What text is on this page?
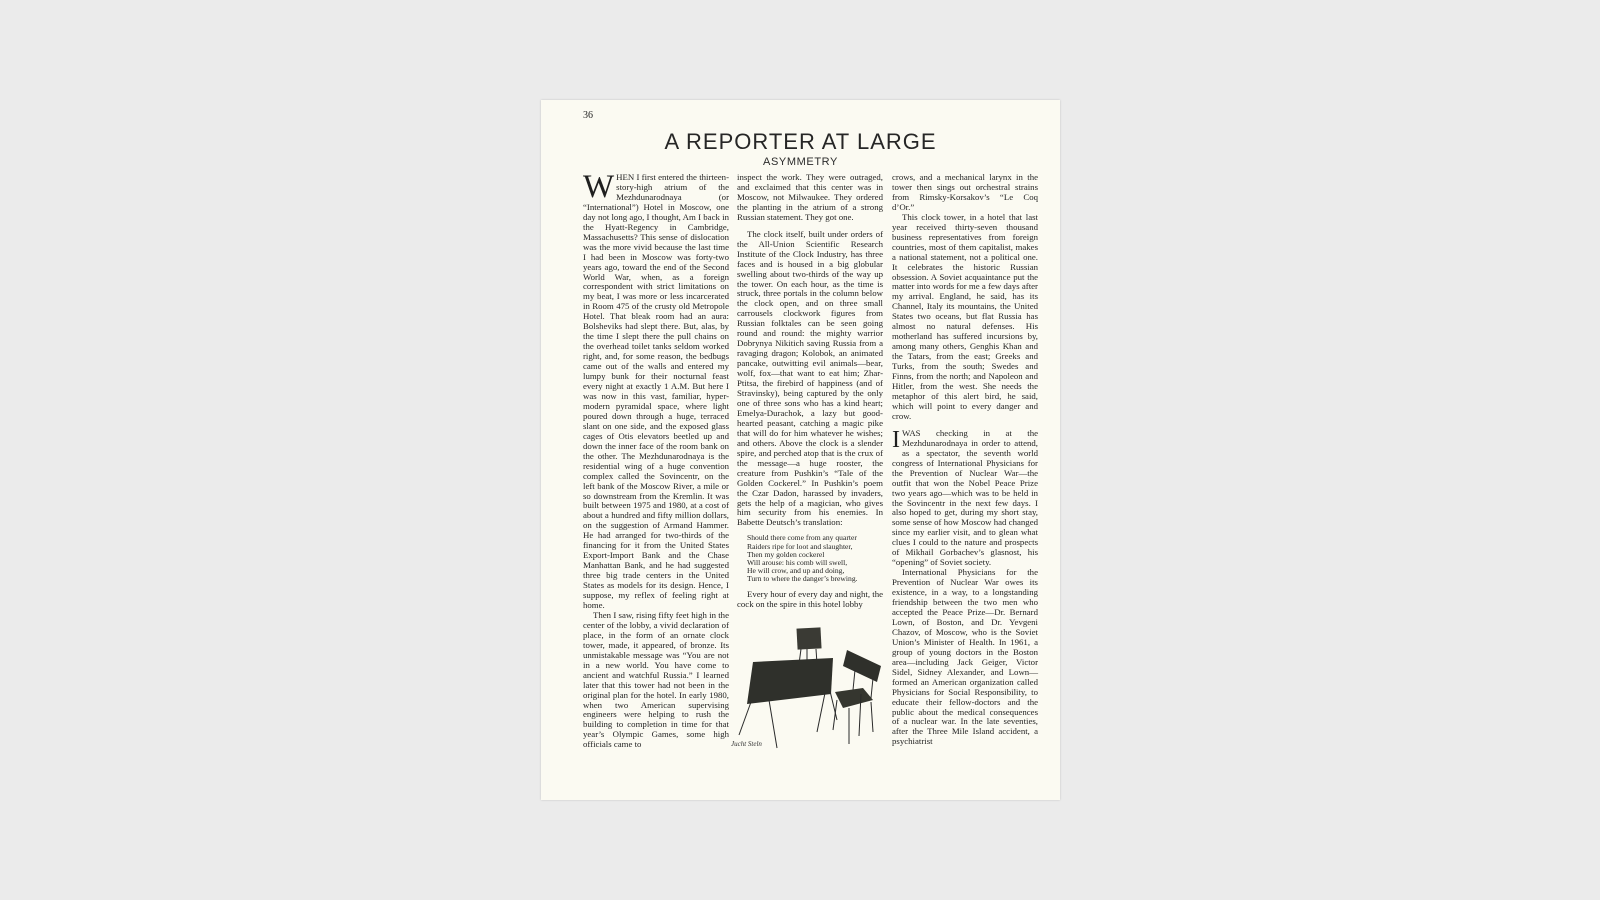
36
A REPORTER AT LARGE
ASYMMETRY

WHEN I first entered the thirteen-story-high atrium of the Mezhdunarodnaya (or “International”) Hotel in Moscow, one day not long ago, I thought, Am I back in the Hyatt-Regency in Cambridge, Massachusetts? This sense of dislocation was the more vivid because the last time I had been in Moscow was forty-two years ago, toward the end of the Second World War, when, as a foreign correspondent with strict limitations on my beat, I was more or less incarcerated in Room 475 of the crusty old Metropole Hotel. That bleak room had an aura: Bolsheviks had slept there. But, alas, by the time I slept there the pull chains on the overhead toilet tanks seldom worked right, and, for some reason, the bedbugs came out of the walls and entered my lumpy bunk for their nocturnal feast every night at exactly 1 A.M. But here I was now in this vast, familiar, hyper-modern pyramidal space, where light poured down through a huge, terraced slant on one side, and the exposed glass cages of Otis elevators beetled up and down the inner face of the room bank on the other. The Mezhdunarodnaya is the residential wing of a huge convention complex called the Sovincentr, on the left bank of the Moscow River, a mile or so downstream from the Kremlin. It was built between 1975 and 1980, at a cost of about a hundred and fifty million dollars, on the suggestion of Armand Hammer. He had arranged for two-thirds of the financing for it from the United States Export-Import Bank and the Chase Manhattan Bank, and he had suggested three big trade centers in the United States as models for its design. Hence, I suppose, my reflex of feeling right at home.

Then I saw, rising fifty feet high in the center of the lobby, a vivid declaration of place, in the form of an ornate clock tower, made, it appeared, of bronze. Its unmistakable message was “You are not in a new world. You have come to ancient and watchful Russia.” I learned later that this tower had not been in the original plan for the hotel. In early 1980, when two American supervising engineers were helping to rush the building to completion in time for that year’s Olympic Games, some high officials came to

inspect the work. They were outraged, and exclaimed that this center was in Moscow, not Milwaukee. They ordered the planting in the atrium of a strong Russian statement. They got one.

The clock itself, built under orders of the All-Union Scientific Research Institute of the Clock Industry, has three faces and is housed in a big globular swelling about two-thirds of the way up the tower. On each hour, as the time is struck, three portals in the column below the clock open, and on three small carrousels clockwork figures from Russian folktales can be seen going round and round: the mighty warrior Dobrynya Nikitich saving Russia from a ravaging dragon; Kolobok, an animated pancake, outwitting evil animals—bear, wolf, fox—that want to eat him; Zhar-Ptitsa, the firebird of happiness (and of Stravinsky), being captured by the only one of three sons who has a kind heart; Emelya-Durachok, a lazy but good-hearted peasant, catching a magic pike that will do for him whatever he wishes; and others. Above the clock is a slender spire, and perched atop that is the crux of the message—a huge rooster, the creature from Pushkin’s “Tale of the Golden Cockerel.” In Pushkin’s poem the Czar Dadon, harassed by invaders, gets the help of a magician, who gives him security from his enemies. In Babette Deutsch’s translation:

Should there come from any quarter
Raiders ripe for loot and slaughter,
Then my golden cockerel
Will arouse: his comb will swell,
He will crow, and up and doing,
Turn to where the danger’s brewing.

Every hour of every day and night, the cock on the spire in this hotel lobby

Jucht Steln

crows, and a mechanical larynx in the tower then sings out orchestral strains from Rimsky-Korsakov’s “Le Coq d’Or.”

This clock tower, in a hotel that last year received thirty-seven thousand business representatives from foreign countries, most of them capitalist, makes a national statement, not a political one. It celebrates the historic Russian obsession. A Soviet acquaintance put the matter into words for me a few days after my arrival. England, he said, has its Channel, Italy its mountains, the United States two oceans, but flat Russia has almost no natural defenses. His motherland has suffered incursions by, among many others, Genghis Khan and the Tatars, from the east; Greeks and Turks, from the south; Swedes and Finns, from the north; and Napoleon and Hitler, from the west. She needs the metaphor of this alert bird, he said, which will point to every danger and crow.

IWAS checking in at the Mezhdunarodnaya in order to attend, as a spectator, the seventh world congress of International Physicians for the Prevention of Nuclear War—the outfit that won the Nobel Peace Prize two years ago—which was to be held in the Sovincentr in the next few days. I also hoped to get, during my short stay, some sense of how Moscow had changed since my earlier visit, and to glean what clues I could to the nature and prospects of Mikhail Gorbachev’s glasnost, his “opening” of Soviet society.

International Physicians for the Prevention of Nuclear War owes its existence, in a way, to a longstanding friendship between the two men who accepted the Peace Prize—Dr. Bernard Lown, of Boston, and Dr. Yevgeni Chazov, of Moscow, who is the Soviet Union’s Minister of Health. In 1961, a group of young doctors in the Boston area—including Jack Geiger, Victor Sidel, Sidney Alexander, and Lown—formed an American organization called Physicians for Social Responsibility, to educate their fellow-doctors and the public about the medical consequences of a nuclear war. In the late seventies, after the Three Mile Island accident, a psychiatrist
